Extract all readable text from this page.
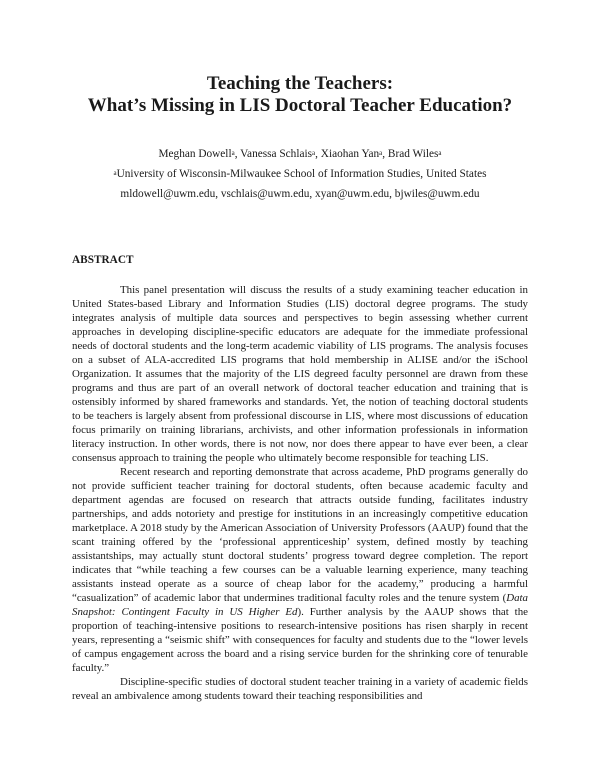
Teaching the Teachers:
What’s Missing in LIS Doctoral Teacher Education?
Meghan Dowell$^a$, Vanessa Schlais$^a$, Xiaohan Yan$^a$, Brad Wiles$^a$
$^a$University of Wisconsin-Milwaukee School of Information Studies, United States
mldowell@uwm.edu, vschlais@uwm.edu, xyan@uwm.edu, bjwiles@uwm.edu
ABSTRACT

This panel presentation will discuss the results of a study examining teacher education in United States-based Library and Information Studies (LIS) doctoral degree programs. The study integrates analysis of multiple data sources and perspectives to begin assessing whether current approaches in developing discipline-specific educators are adequate for the immediate professional needs of doctoral students and the long-term academic viability of LIS programs. The analysis focuses on a subset of ALA-accredited LIS programs that hold membership in ALISE and/or the iSchool Organization. It assumes that the majority of the LIS degreed faculty personnel are drawn from these programs and thus are part of an overall network of doctoral teacher education and training that is ostensibly informed by shared frameworks and standards. Yet, the notion of teaching doctoral students to be teachers is largely absent from professional discourse in LIS, where most discussions of education focus primarily on training librarians, archivists, and other information professionals in information literacy instruction. In other words, there is not now, nor does there appear to have ever been, a clear consensus approach to training the people who ultimately become responsible for teaching LIS.

Recent research and reporting demonstrate that across academe, PhD programs generally do not provide sufficient teacher training for doctoral students, often because academic faculty and department agendas are focused on research that attracts outside funding, facilitates industry partnerships, and adds notoriety and prestige for institutions in an increasingly competitive education marketplace. A 2018 study by the American Association of University Professors (AAUP) found that the scant training offered by the ‘professional apprenticeship’ system, defined mostly by teaching assistantships, may actually stunt doctoral students’ progress toward degree completion. The report indicates that “while teaching a few courses can be a valuable learning experience, many teaching assistants instead operate as a source of cheap labor for the academy,” producing a harmful “casualization” of academic labor that undermines traditional faculty roles and the tenure system (Data Snapshot: Contingent Faculty in US Higher Ed). Further analysis by the AAUP shows that the proportion of teaching-intensive positions to research-intensive positions has risen sharply in recent years, representing a “seismic shift” with consequences for faculty and students due to the “lower levels of campus engagement across the board and a rising service burden for the shrinking core of tenurable faculty.”

Discipline-specific studies of doctoral student teacher training in a variety of academic fields reveal an ambivalence among students toward their teaching responsibilities and
